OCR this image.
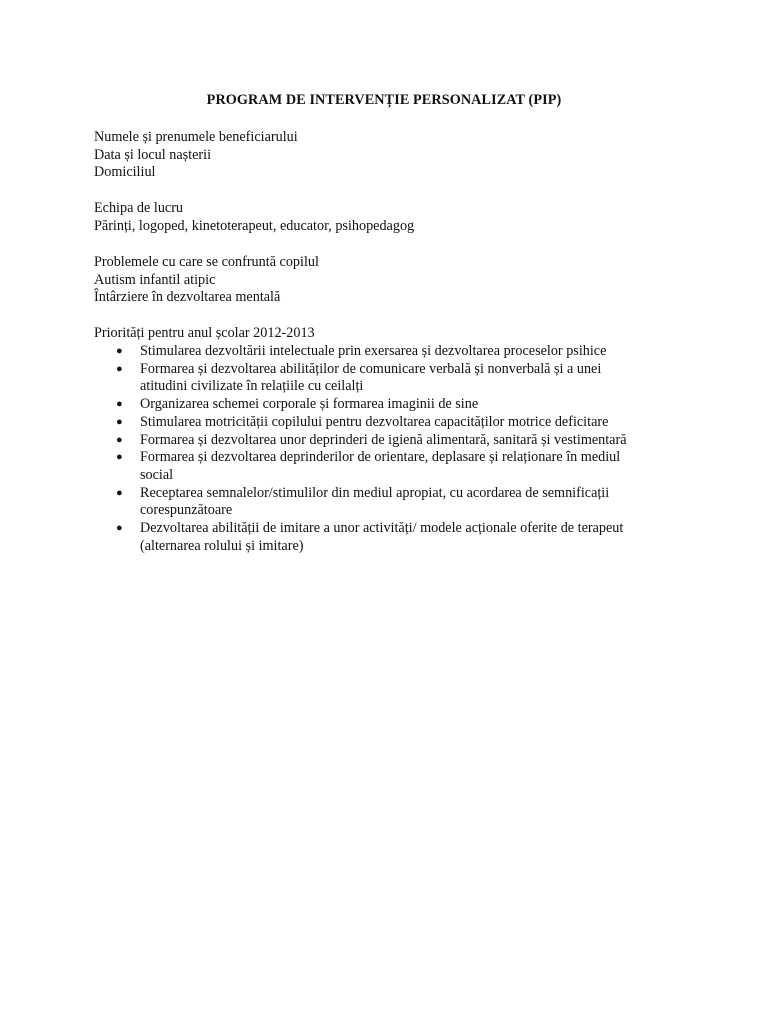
PROGRAM DE INTERVENȚIE PERSONALIZAT (PIP)
Numele și prenumele beneficiarului
Data și locul nașterii
Domiciliul
Echipa de lucru
Părinți, logoped, kinetoterapeut, educator, psihopedagog
Problemele cu care se confruntă copilul
Autism infantil atipic
Întârziere în dezvoltarea mentală
Priorități pentru anul școlar 2012-2013
● Stimularea dezvoltării intelectuale prin exersarea și dezvoltarea proceselor psihice
● Formarea și dezvoltarea abilităților de comunicare verbală și nonverbală și a unei
atitudini civilizate în relațiile cu ceilalți
● Organizarea schemei corporale și formarea imaginii de sine
● Stimularea motricității copilului pentru dezvoltarea capacităților motrice deficitare
● Formarea și dezvoltarea unor deprinderi de igienă alimentară, sanitară și vestimentară
● Formarea și dezvoltarea deprinderilor de orientare, deplasare și relaționare în mediul
social
● Receptarea semnalelor/stimulilor din mediul apropiat, cu acordarea de semnificații
corespunzătoare
● Dezvoltarea abilității de imitare a unor activități/ modele acționale oferite de terapeut
(alternarea rolului și imitare)
